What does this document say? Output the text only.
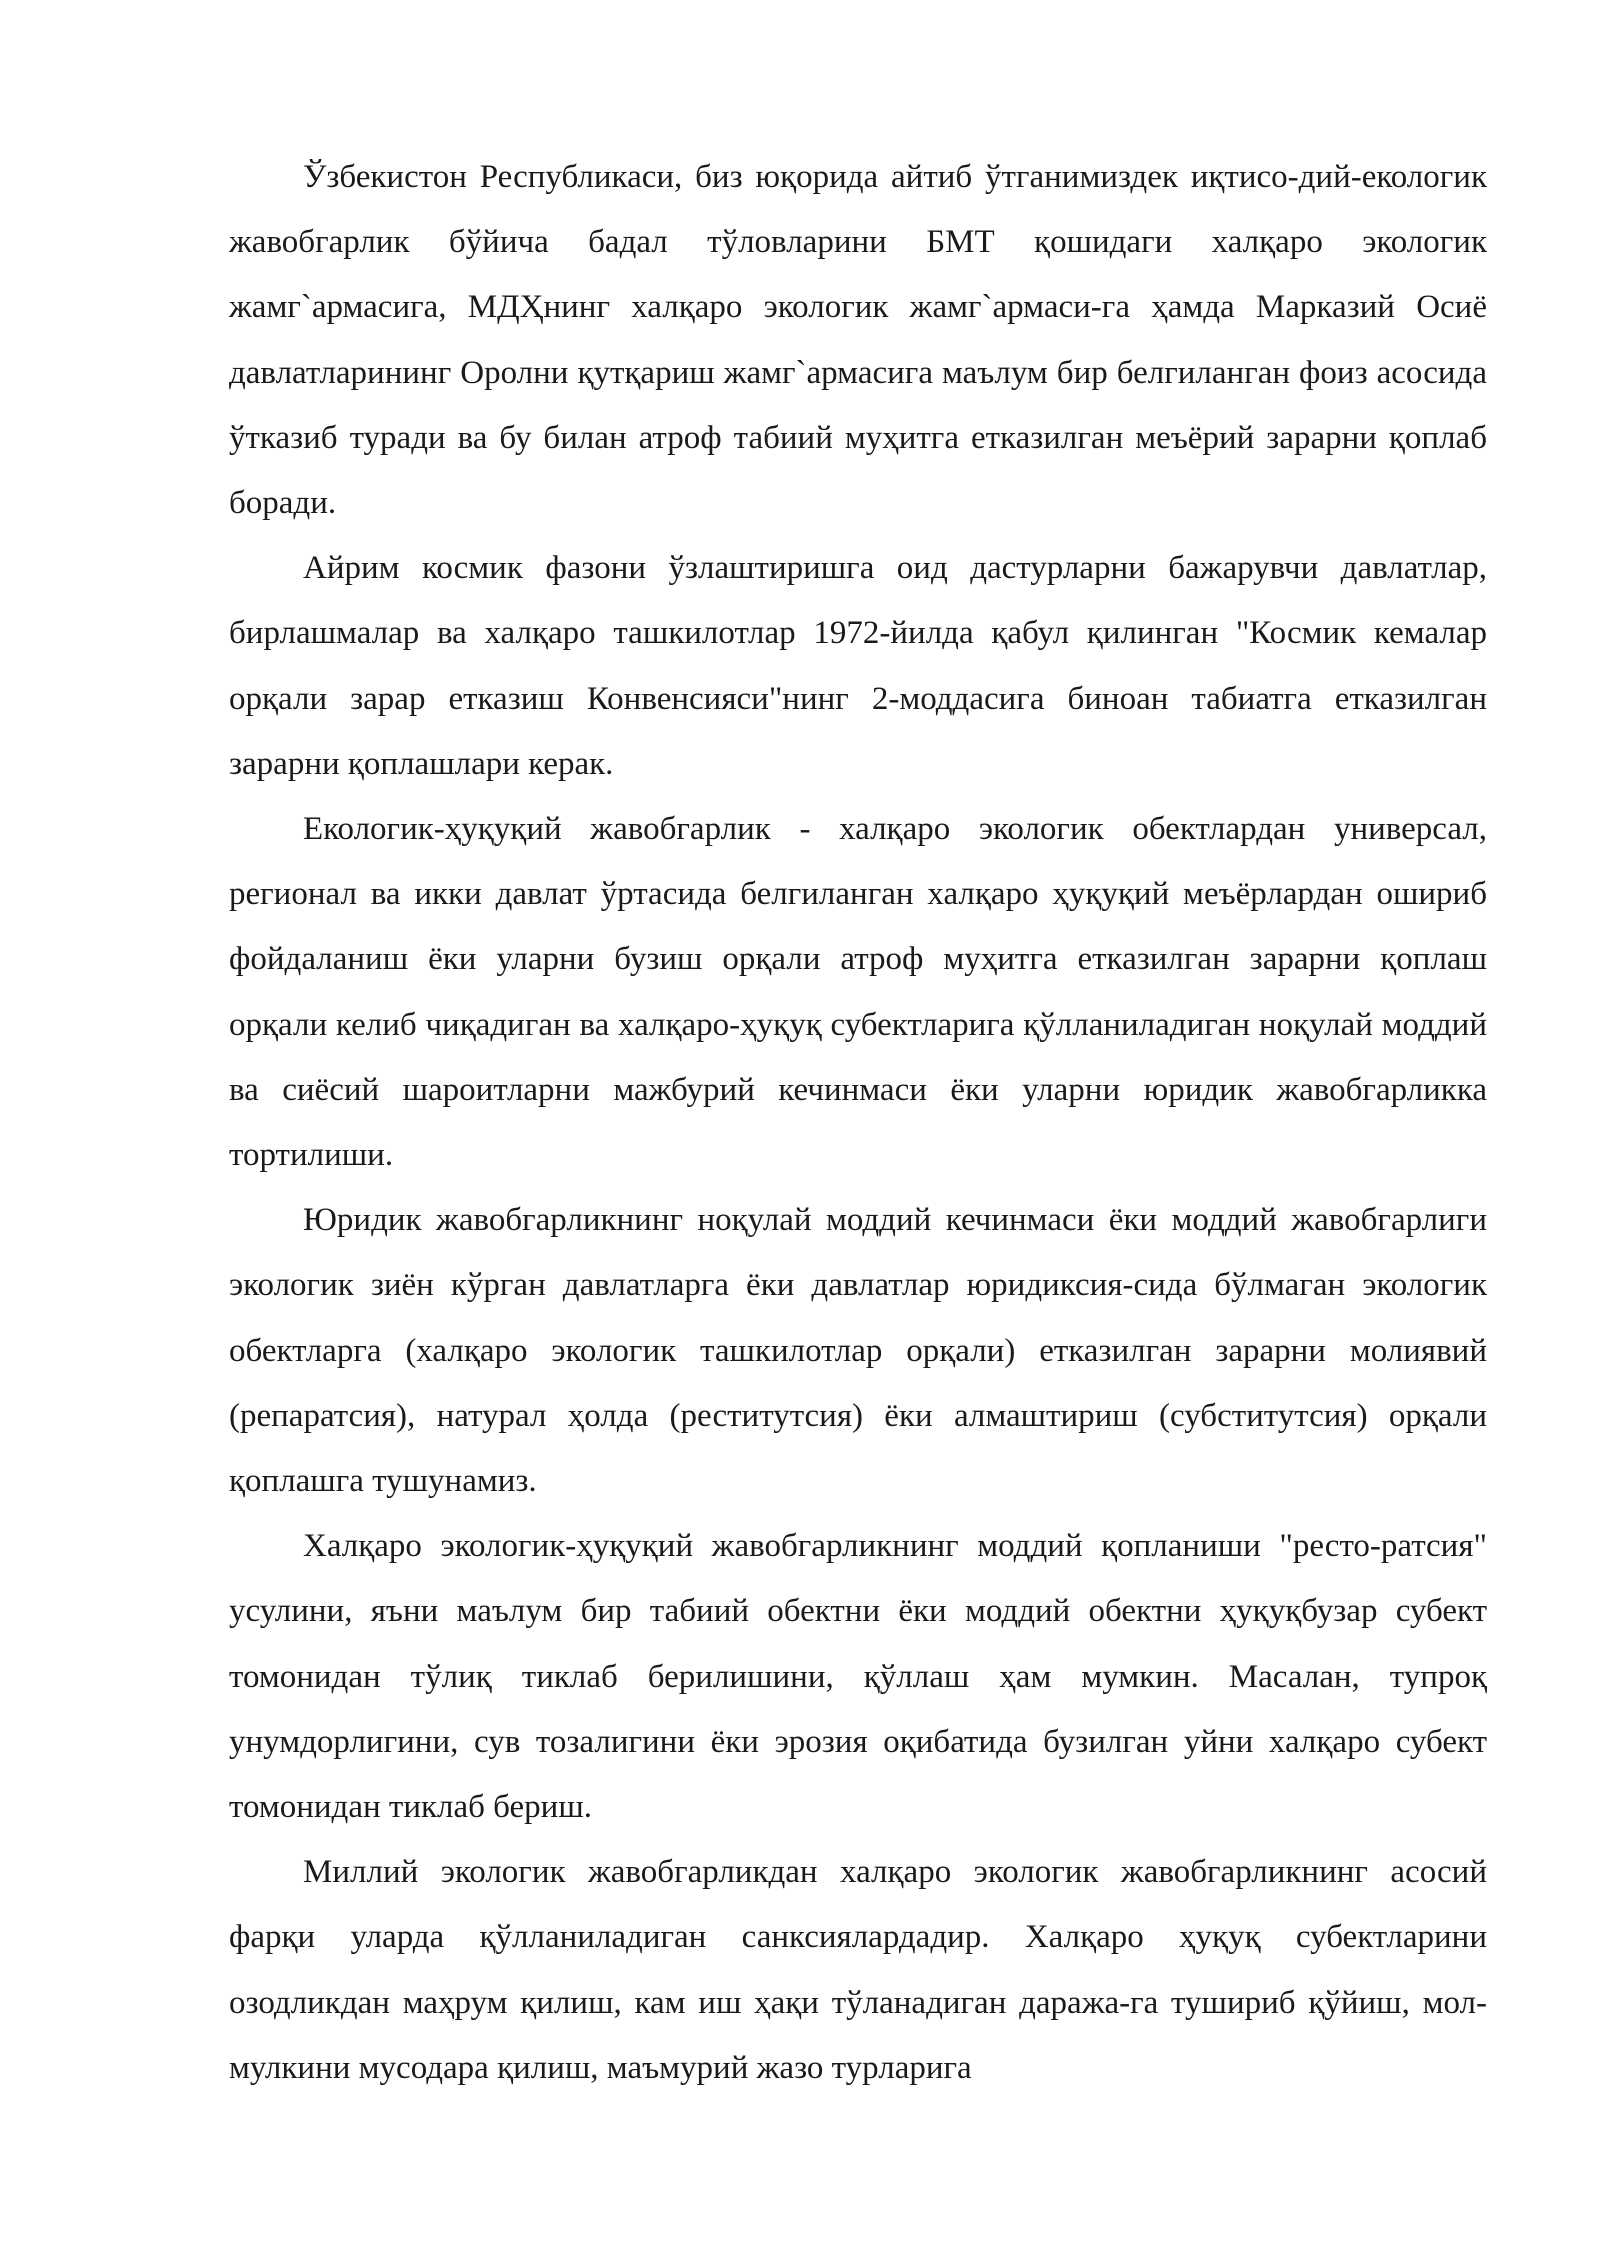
Ўзбекистон Республикаси, биз юқорида айтиб ўтганимиздек иқтисо-дий-екологик жавобгарлик бўйича бадал тўловларини БМТ қошидаги халқаро экологик жамг`армасига, МДҲнинг халқаро экологик жамг`армаси-га ҳамда Марказий Осиё давлатларининг Оролни қутқариш жамг`армасига маълум бир белгиланган фоиз асосида ўтказиб туради ва бу билан атроф табиий муҳитга етказилган меъёрий зарарни қоплаб боради.

Айрим космик фазони ўзлаштиришга оид дастурларни бажарувчи давлатлар, бирлашмалар ва халқаро ташкилотлар 1972-йилда қабул қилинган "Космик кемалар орқали зарар етказиш Конвенсияси"нинг 2-моддасига биноан табиатга етказилган зарарни қоплашлари керак.

Екологик-ҳуқуқий жавобгарлик - халқаро экологик обектлардан универсал, регионал ва икки давлат ўртасида белгиланган халқаро ҳуқуқий меъёрлардан ошириб фойдаланиш ёки уларни бузиш орқали атроф муҳитга етказилган зарарни қоплаш орқали келиб чиқадиган ва халқаро-ҳуқуқ субектларига қўлланиладиган ноқулай моддий ва сиёсий шароитларни мажбурий кечинмаси ёки уларни юридик жавобгарликка тортилиши.

Юридик жавобгарликнинг ноқулай моддий кечинмаси ёки моддий жавобгарлиги экологик зиён кўрган давлатларга ёки давлатлар юридиксия-сида бўлмаган экологик обектларга (халқаро экологик ташкилотлар орқали) етказилган зарарни молиявий (репаратсия), натурал ҳолда (реститутсия) ёки алмаштириш (субститутсия) орқали қоплашга тушунамиз.

Халқаро экологик-ҳуқуқий жавобгарликнинг моддий қопланиши "ресто-ратсия" усулини, яъни маълум бир табиий обектни ёки моддий обектни ҳуқуқбузар субект томонидан тўлиқ тиклаб берилишини, қўллаш ҳам мумкин. Масалан, тупроқ унумдорлигини, сув тозалигини ёки эрозия оқибатида бузилган уйни халқаро субект томонидан тиклаб бериш.

Миллий экологик жавобгарликдан халқаро экологик жавобгарликнинг асосий фарқи уларда қўлланиладиган санксиялардадир. Халқаро ҳуқуқ субектларини озодликдан маҳрум қилиш, кам иш ҳақи тўланадиган даража-га тушириб қўйиш, мол-мулкини мусодара қилиш, маъмурий жазо турларига
